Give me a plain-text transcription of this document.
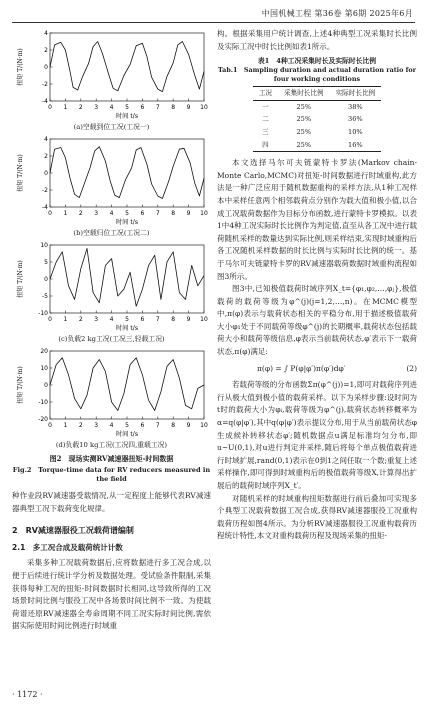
中国机械工程 第36卷 第6期 2025年6月
4
2
0
-2
-4
0 1 2 3 4 5 6 7 8 9 10
时间 t/s
扭矩 T/(N·m)
(a)空载到位工况(工况一)
4
2
0
-2
-4
0 1 2 3 4 5 6 7 8 9 10
时间 t/s
扭矩 T/(N·m)
(b)空载归位工况(工况二)
10
5
0
-5
-10
0 1 2 3 4 5 6 7 8 9 10
时间 t/s
扭矩 T/(N·m)
(c)负载2 kg工况(工况三,轻载工况)
20
10
0
-10
-20
0 1 2 3 4 5 6 7 8 9 10
时间 t/s
扭矩 T/(N·m)
(d)负载10 kg工况(工况四,重载工况)
图2　现场实测RV减速器扭矩-时间数据
Fig.2　Torque-time data for RV reducers measured in
the field

种作业段RV减速器受载情况,从一定程度上能够代表RV减速器典型工况下载荷变化规律。

2　RV减速器服役工况载荷谱编制
2.1　多工况合成及载荷统计计数

采集多种工况载荷数据后,应将数据进行多工况合成,以便于后续进行统计学分析及数据处理。受试验条件限制,采集获得每种工况的扭矩-时间数据时长相同,这导致所得的工况场景时间比例与服役工况中各场景时间比例不一致。为使载荷谱还原RV减速器全寿命周期不同工况实际时间比例,需依据实际使用时间比例进行时域重

构。根据采集用户统计调查,上述4种典型工况采集时长比例及实际工况中时长比例如表1所示。

表1　4种工况采集时长及实际时长比例
Tab.1　Sampling duration and actual duration ratio for
four working conditions
工况	采集时长比例	实际时长比例
一	25%	38%
二	25%	36%
三	25%	10%
四	25%	16%

本文选择马尔可夫链蒙特卡罗法(Markov chain-Monte Carlo,MCMC)对扭矩-时间数据进行时域重构,此方法是一种广泛应用于随机数据重构的采样方法,从1种工况样本中采样任意两个相邻载荷点分别作为载大值和极小值,以合成工况载荷数据作为目标分布函数,进行蒙特卡罗模拟。以表1中4种工况实际时长比例作为判定值,直至从各工况中进行载荷随机采样的数量达到实际比例,则采样结束,实现时域重构后各工况随机采样数据的时长比例与实际时长比例的统一。基于马尔可夫链蒙特卡罗的RV减速器载荷数据时域重构流程如图3所示。

图3中,已知极值载荷时域序列X_t={φ₁,φ₂,…,φⱼ},极值载荷的载荷等级为φ^(j)(j=1,2,…,n)。在MCMC模型中,π(φ)表示与载荷状态相关的平稳分布,用于描述极值载荷大小φ₁处于不同载荷等级φ^(j)的长期概率,载荷状态包括载荷大小和载荷等级信息,φ表示当前载荷状态,φ′表示下一载荷状态,π(φ)满足:

π(φ) = ∫ P(φ|φ′)π(φ′)dφ′	(2)

若载荷等级的分布函数Σπ(φ^(j))=1,即可对载荷序列进行从极大值到极小值的载荷采样。以下为采样步骤:设时间为t时的载荷大小为φᵢ,载荷等级为φ^(j),载荷状态转移概率为α=q(φ|φ′),其中q(φ|φ′)表示提议分布,用于从当前载荷状态φ生成候补转移状态φ′;随机数据点u满足标准均匀分布,即u~U(0,1),对u进行判定并采样,随后将每个单点极值载荷进行时域扩展,rand(0,1)表示在0到1之间任取一个数;重复上述采样操作,即可得到时域重构后的极值载荷等级X,计算得出扩展后的载荷时域序列X_t′。

对随机采样的时域重构扭矩数据进行前后叠加可实现多个典型工况载荷数据工况合成,获得RV减速器服役工况重构载荷历程如图4所示。为分析RV减速器服役工况重构载荷历程统计特性,本文对重构载荷历程及现场采集的扭矩-

· 1172 ·
